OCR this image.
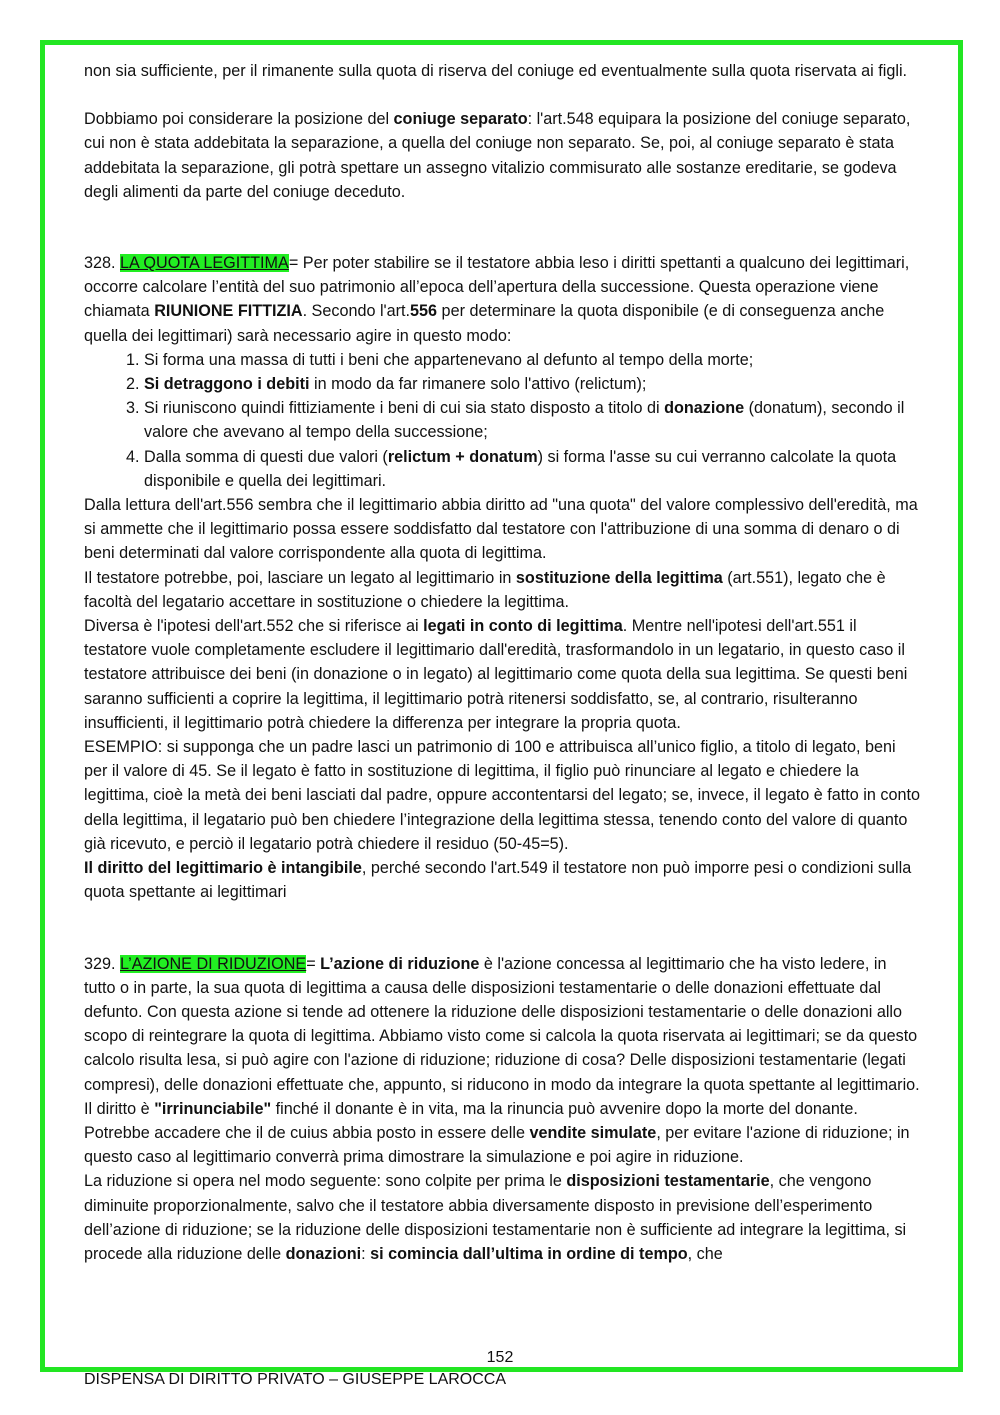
non sia sufficiente, per il rimanente sulla quota di riserva del coniuge ed eventualmente sulla quota riservata ai figli.

Dobbiamo poi considerare la posizione del coniuge separato: l'art.548 equipara la posizione del coniuge separato, cui non è stata addebitata la separazione, a quella del coniuge non separato. Se, poi, al coniuge separato è stata addebitata la separazione, gli potrà spettare un assegno vitalizio commisurato alle sostanze ereditarie, se godeva degli alimenti da parte del coniuge deceduto.

328. LA QUOTA LEGITTIMA= Per poter stabilire se il testatore abbia leso i diritti spettanti a qualcuno dei legittimari, occorre calcolare l’entità del suo patrimonio all’epoca dell’apertura della successione. Questa operazione viene chiamata RIUNIONE FITTIZIA. Secondo l'art.556 per determinare la quota disponibile (e di conseguenza anche quella dei legittimari) sarà necessario agire in questo modo:

1. Si forma una massa di tutti i beni che appartenevano al defunto al tempo della morte;
2. Si detraggono i debiti in modo da far rimanere solo l'attivo (relictum);
3. Si riuniscono quindi fittiziamente i beni di cui sia stato disposto a titolo di donazione (donatum), secondo il valore che avevano al tempo della successione;
4. Dalla somma di questi due valori (relictum + donatum) si forma l'asse su cui verranno calcolate la quota disponibile e quella dei legittimari.

Dalla lettura dell'art.556 sembra che il legittimario abbia diritto ad "una quota" del valore complessivo dell'eredità, ma si ammette che il legittimario possa essere soddisfatto dal testatore con l'attribuzione di una somma di denaro o di beni determinati dal valore corrispondente alla quota di legittima.

Il testatore potrebbe, poi, lasciare un legato al legittimario in sostituzione della legittima (art.551), legato che è facoltà del legatario accettare in sostituzione o chiedere la legittima.

Diversa è l'ipotesi dell'art.552 che si riferisce ai legati in conto di legittima. Mentre nell'ipotesi dell'art.551 il testatore vuole completamente escludere il legittimario dall'eredità, trasformandolo in un legatario, in questo caso il testatore attribuisce dei beni (in donazione o in legato) al legittimario come quota della sua legittima. Se questi beni saranno sufficienti a coprire la legittima, il legittimario potrà ritenersi soddisfatto, se, al contrario, risulteranno insufficienti, il legittimario potrà chiedere la differenza per integrare la propria quota.

ESEMPIO: si supponga che un padre lasci un patrimonio di 100 e attribuisca all’unico figlio, a titolo di legato, beni per il valore di 45. Se il legato è fatto in sostituzione di legittima, il figlio può rinunciare al legato e chiedere la legittima, cioè la metà dei beni lasciati dal padre, oppure accontentarsi del legato; se, invece, il legato è fatto in conto della legittima, il legatario può ben chiedere l’integrazione della legittima stessa, tenendo conto del valore di quanto già ricevuto, e perciò il legatario potrà chiedere il residuo (50-45=5).

Il diritto del legittimario è intangibile, perché secondo l'art.549 il testatore non può imporre pesi o condizioni sulla quota spettante ai legittimari

329. L’AZIONE DI RIDUZIONE= L’azione di riduzione è l'azione concessa al legittimario che ha visto ledere, in tutto o in parte, la sua quota di legittima a causa delle disposizioni testamentarie o delle donazioni effettuate dal defunto. Con questa azione si tende ad ottenere la riduzione delle disposizioni testamentarie o delle donazioni allo scopo di reintegrare la quota di legittima. Abbiamo visto come si calcola la quota riservata ai legittimari; se da questo calcolo risulta lesa, si può agire con l'azione di riduzione; riduzione di cosa? Delle disposizioni testamentarie (legati compresi), delle donazioni effettuate che, appunto, si riducono in modo da integrare la quota spettante al legittimario. Il diritto è "irrinunciabile" finché il donante è in vita, ma la rinuncia può avvenire dopo la morte del donante. Potrebbe accadere che il de cuius abbia posto in essere delle vendite simulate, per evitare l'azione di riduzione; in questo caso al legittimario converrà prima dimostrare la simulazione e poi agire in riduzione.

La riduzione si opera nel modo seguente: sono colpite per prima le disposizioni testamentarie, che vengono diminuite proporzionalmente, salvo che il testatore abbia diversamente disposto in previsione dell’esperimento dell’azione di riduzione; se la riduzione delle disposizioni testamentarie non è sufficiente ad integrare la legittima, si procede alla riduzione delle donazioni: si comincia dall’ultima in ordine di tempo, che

152
DISPENSA DI DIRITTO PRIVATO – GIUSEPPE LAROCCA
